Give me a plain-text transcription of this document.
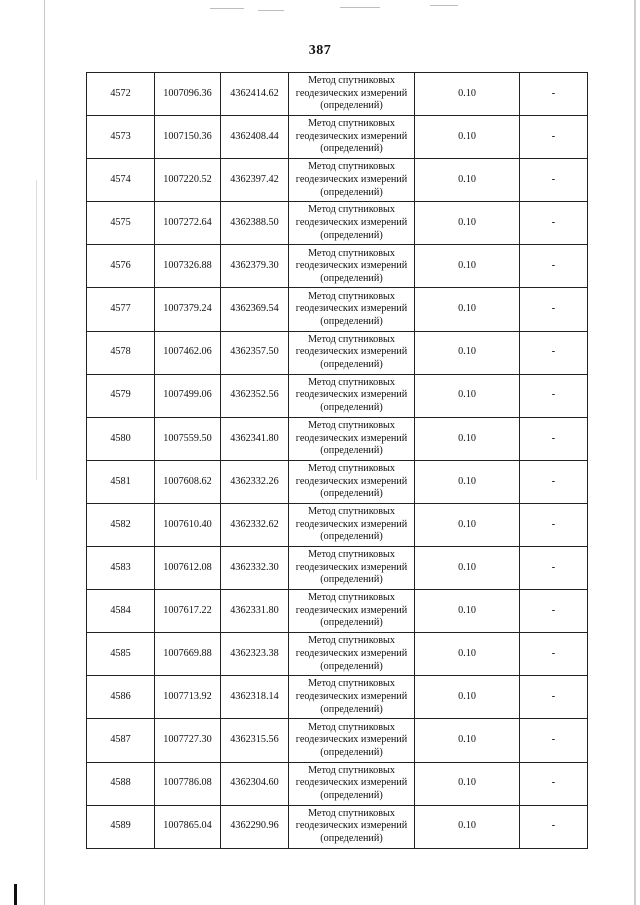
387
4572	1007096.36	4362414.62	Метод спутниковых
геодезических измерений
(определений)	0.10	-
4573	1007150.36	4362408.44	Метод спутниковых
геодезических измерений
(определений)	0.10	-
4574	1007220.52	4362397.42	Метод спутниковых
геодезических измерений
(определений)	0.10	-
4575	1007272.64	4362388.50	Метод спутниковых
геодезических измерений
(определений)	0.10	-
4576	1007326.88	4362379.30	Метод спутниковых
геодезических измерений
(определений)	0.10	-
4577	1007379.24	4362369.54	Метод спутниковых
геодезических измерений
(определений)	0.10	-
4578	1007462.06	4362357.50	Метод спутниковых
геодезических измерений
(определений)	0.10	-
4579	1007499.06	4362352.56	Метод спутниковых
геодезических измерений
(определений)	0.10	-
4580	1007559.50	4362341.80	Метод спутниковых
геодезических измерений
(определений)	0.10	-
4581	1007608.62	4362332.26	Метод спутниковых
геодезических измерений
(определений)	0.10	-
4582	1007610.40	4362332.62	Метод спутниковых
геодезических измерений
(определений)	0.10	-
4583	1007612.08	4362332.30	Метод спутниковых
геодезических измерений
(определений)	0.10	-
4584	1007617.22	4362331.80	Метод спутниковых
геодезических измерений
(определений)	0.10	-
4585	1007669.88	4362323.38	Метод спутниковых
геодезических измерений
(определений)	0.10	-
4586	1007713.92	4362318.14	Метод спутниковых
геодезических измерений
(определений)	0.10	-
4587	1007727.30	4362315.56	Метод спутниковых
геодезических измерений
(определений)	0.10	-
4588	1007786.08	4362304.60	Метод спутниковых
геодезических измерений
(определений)	0.10	-
4589	1007865.04	4362290.96	Метод спутниковых
геодезических измерений
(определений)	0.10	-
